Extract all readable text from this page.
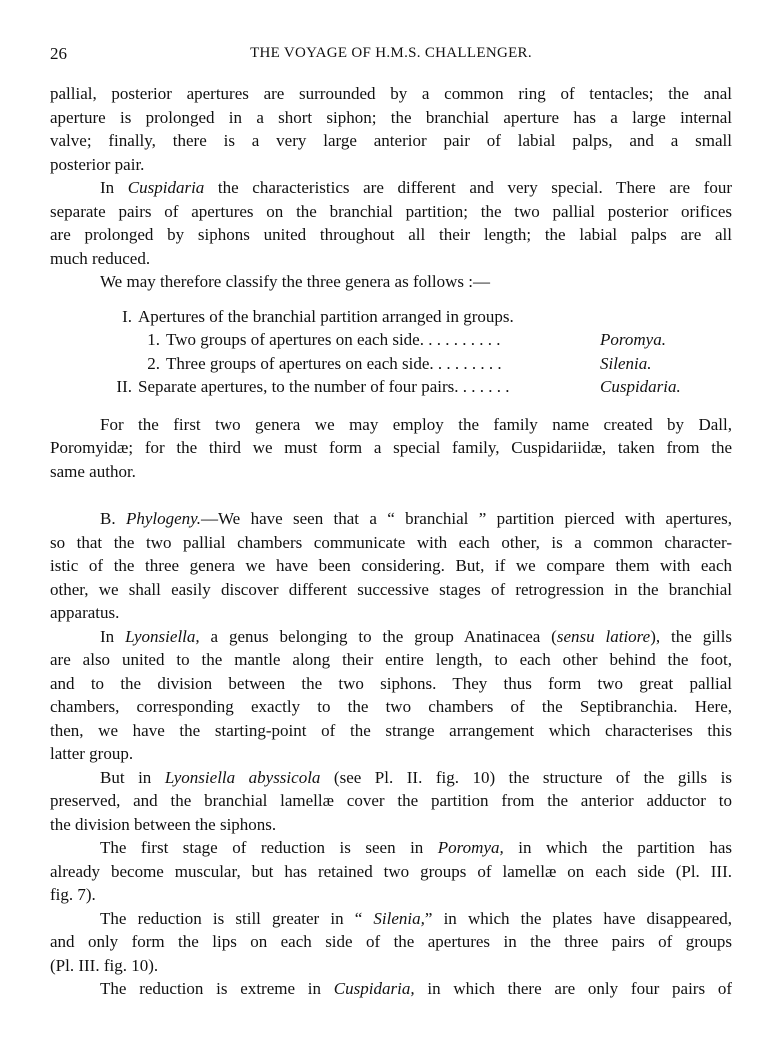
26	THE VOYAGE OF H.M.S. CHALLENGER.
pallial, posterior apertures are surrounded by a common ring of tentacles; the anal
aperture is prolonged in a short siphon; the branchial aperture has a large internal
valve; finally, there is a very large anterior pair of labial palps, and a small
posterior pair.
In Cuspidaria the characteristics are different and very special. There are four
separate pairs of apertures on the branchial partition; the two pallial posterior orifices
are prolonged by siphons united throughout all their length; the labial palps are all
much reduced.
We may therefore classify the three genera as follows :—
I. Apertures of the branchial partition arranged in groups.
1. Two groups of apertures on each side. . . . . . . . . .	Poromya.
2. Three groups of apertures on each side. . . . . . . . .	Silenia.
II. Separate apertures, to the number of four pairs. . . . . . .	Cuspidaria.
For the first two genera we may employ the family name created by Dall,
Poromyidæ; for the third we must form a special family, Cuspidariidæ, taken from the
same author.
B. Phylogeny.—We have seen that a “ branchial ” partition pierced with apertures,
so that the two pallial chambers communicate with each other, is a common character-
istic of the three genera we have been considering. But, if we compare them with each
other, we shall easily discover different successive stages of retrogression in the branchial
apparatus.
In Lyonsiella, a genus belonging to the group Anatinacea (sensu latiore), the gills
are also united to the mantle along their entire length, to each other behind the foot,
and to the division between the two siphons. They thus form two great pallial
chambers, corresponding exactly to the two chambers of the Septibranchia. Here,
then, we have the starting-point of the strange arrangement which characterises this
latter group.
But in Lyonsiella abyssicola (see Pl. II. fig. 10) the structure of the gills is
preserved, and the branchial lamellæ cover the partition from the anterior adductor to
the division between the siphons.
The first stage of reduction is seen in Poromya, in which the partition has
already become muscular, but has retained two groups of lamellæ on each side (Pl. III.
fig. 7).
The reduction is still greater in “ Silenia,” in which the plates have disappeared,
and only form the lips on each side of the apertures in the three pairs of groups
(Pl. III. fig. 10).
The reduction is extreme in Cuspidaria, in which there are only four pairs of
